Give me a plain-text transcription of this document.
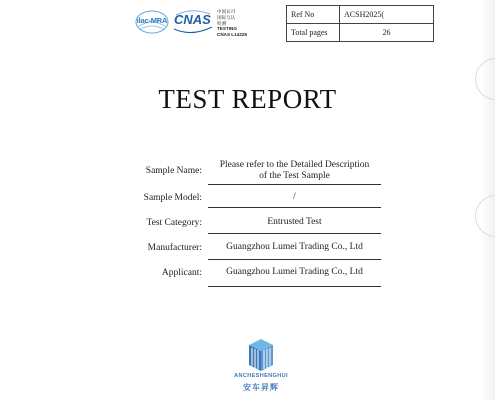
ilac-MRA CNAS
中国认可
国际互认
检测
TESTING
CNAS L14228
Ref No	ACSH2025(
Total pages	26
TEST REPORT
Sample Name:
Please refer to the Detailed Description
of the Test Sample
Sample Model:	/
Test Category:	Entrusted Test
Manufacturer:	Guangzhou Lumei Trading Co., Ltd
Applicant:	Guangzhou Lumei Trading Co., Ltd
ANCHESHENGHUI
安车昇辉
